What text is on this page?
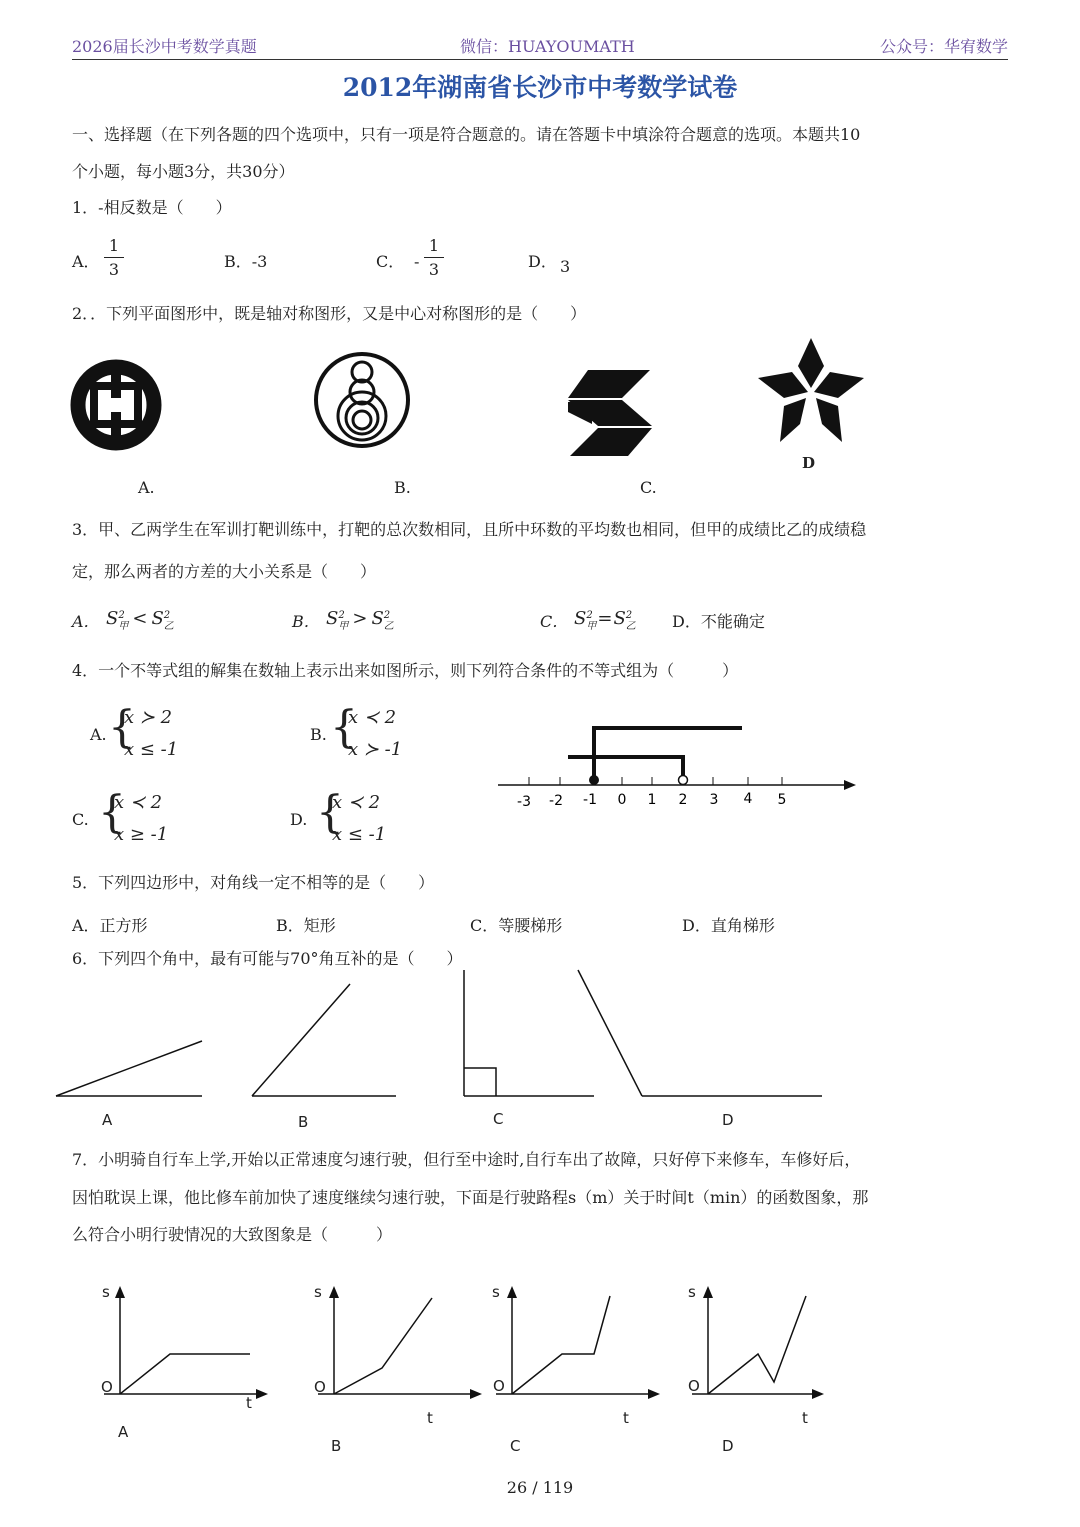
2026届长沙中考数学真题	微信：HUAYOUMATH	公众号：华宥数学
2012年湖南省长沙市中考数学试卷
一、选择题（在下列各题的四个选项中，只有一项是符合题意的。请在答题卡中填涂符合题意的选项。本题共10
个小题，每小题3分，共30分）
1．-相反数是（　　）
A．
1
3	B．-3	C． -
1
3	D． 3
2．．下列平面图形中，既是轴对称图形，又是中心对称图形的是（　　）
A.	B.	C.
D
3．甲、乙两学生在军训打靶训练中，打靶的总次数相同，且所中环数的平均数也相同，但甲的成绩比乙的成绩稳
定，那么两者的方差的大小关系是（　　）
A． S2
甲 < S2
乙	B． S2
甲 > S2
乙	C． S2
甲=S2
乙 D．不能确定
4．一个不等式组的解集在数轴上表示出来如图所示，则下列符合条件的不等式组为（　　　）
A. {
x ≻ 2
x ≤ -1
B. {
x ≺ 2
x ≻ -1
C. {
x ≺ 2
x ≥ -1
D. {
x ≺ 2
x ≤ -1
-3 -2 -1 0 1 2 3 4 5
5．下列四边形中，对角线一定不相等的是（　　）
A．正方形	B．矩形	C．等腰梯形	D．直角梯形
6．下列四个角中，最有可能与70°角互补的是（　　）
A	B	C	D
7．小明骑自行车上学,开始以正常速度匀速行驶，但行至中途时,自行车出了故障，只好停下来修车，车修好后，
因怕耽误上课，他比修车前加快了速度继续匀速行驶，下面是行驶路程s（m）关于时间t（min）的函数图象，那
么符合小明行驶情况的大致图象是（　　　）
s
O
t
A
s
O
t
B
s
O
t
C
s
O
t
D
26 / 119
